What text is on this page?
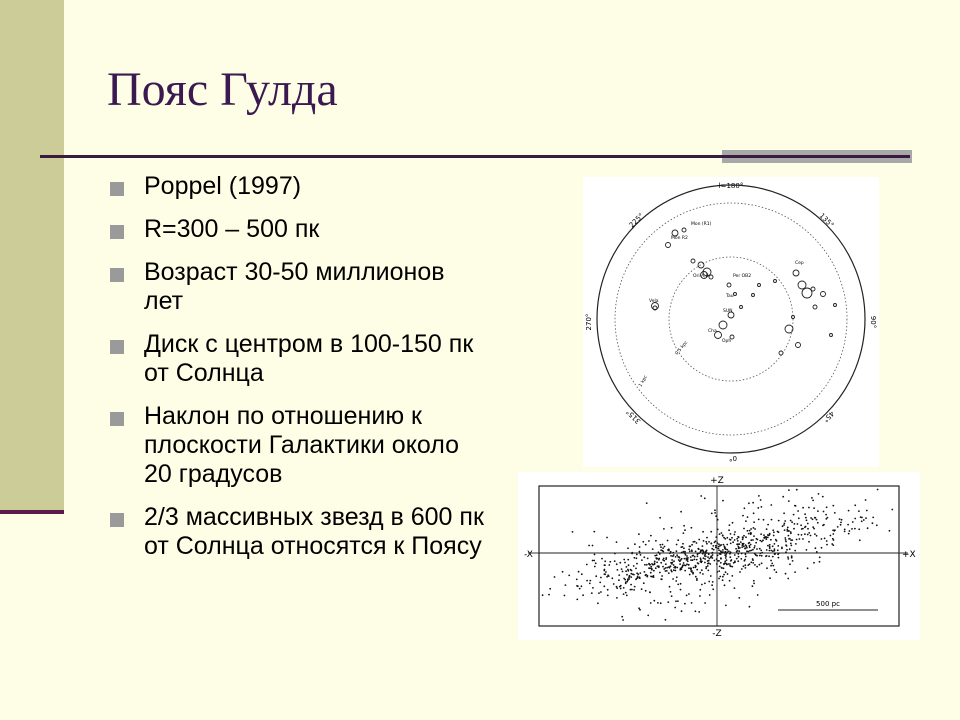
Пояс Гулда
Poppel (1997)
R=300 – 500 пк
Возраст 30-50 миллионов лет
Диск с центром в 100-150 пк от Солнца
Наклон по отношению к плоскости Галактики около 20 градусов
2/3 массивных звезд в 600 пк от Солнца относятся к Поясу
l=180°
270°	90°
0°
225°	135°
315°	45°
Mon (R1)
Mon R2
Ori A,B	Per OB2
Tau
Vela
SUN
Cep
Cha
Oph
0.5 kpc
1 kpc
+Z
-Z
-X	+X
500 pc
